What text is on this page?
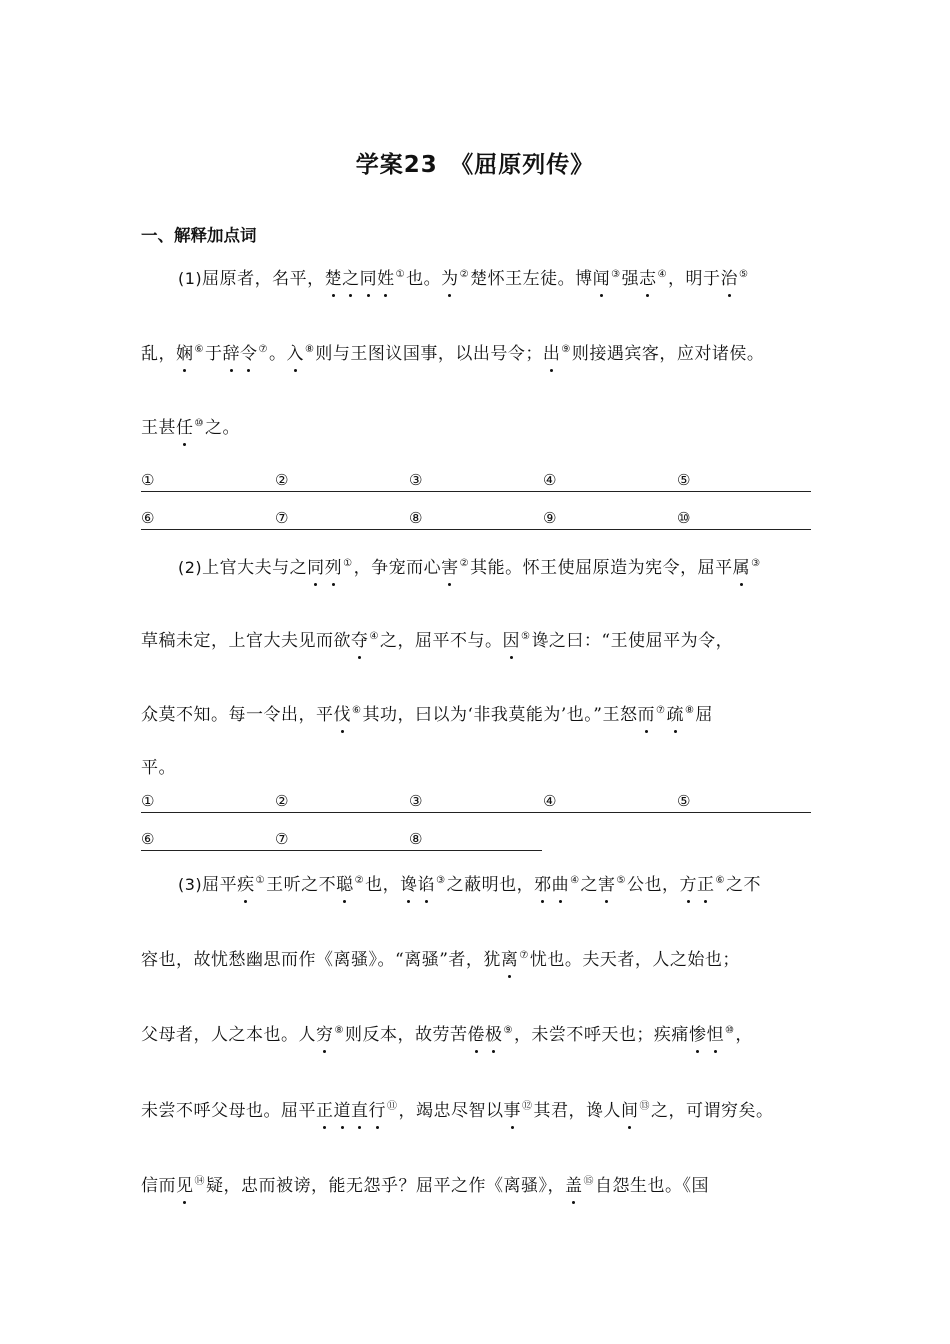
学案23　《屈原列传》
一、解释加点词
(1)屈原者，名平，楚之同姓①也。为②楚怀王左徒。博闻③强志④，明于治⑤
乱，娴⑥于辞令⑦。入⑧则与王图议国事，以出号令；出⑨则接遇宾客，应对诸侯。
王甚任⑩之。
①	②	③	④	⑤
⑥	⑦	⑧	⑨	⑩
(2)上官大夫与之同列①，争宠而心害②其能。怀王使屈原造为宪令，屈平属③
草稿未定，上官大夫见而欲夺④之，屈平不与。因⑤谗之曰：“王使屈平为令，
众莫不知。每一令出，平伐⑥其功，曰以为‘非我莫能为’也。”王怒而⑦疏⑧屈
平。
①	②	③	④	⑤
⑥	⑦	⑧
(3)屈平疾①王听之不聪②也，谗谄③之蔽明也，邪曲④之害⑤公也，方正⑥之不
容也，故忧愁幽思而作《离骚》。“离骚”者，犹离⑦忧也。夫天者，人之始也；
父母者，人之本也。人穷⑧则反本，故劳苦倦极⑨，未尝不呼天也；疾痛惨怛⑩，
未尝不呼父母也。屈平正道直行⑪，竭忠尽智以事⑫其君，谗人间⑬之，可谓穷矣。
信而见⑭疑，忠而被谤，能无怨乎？屈平之作《离骚》，盖⑮自怨生也。《国
